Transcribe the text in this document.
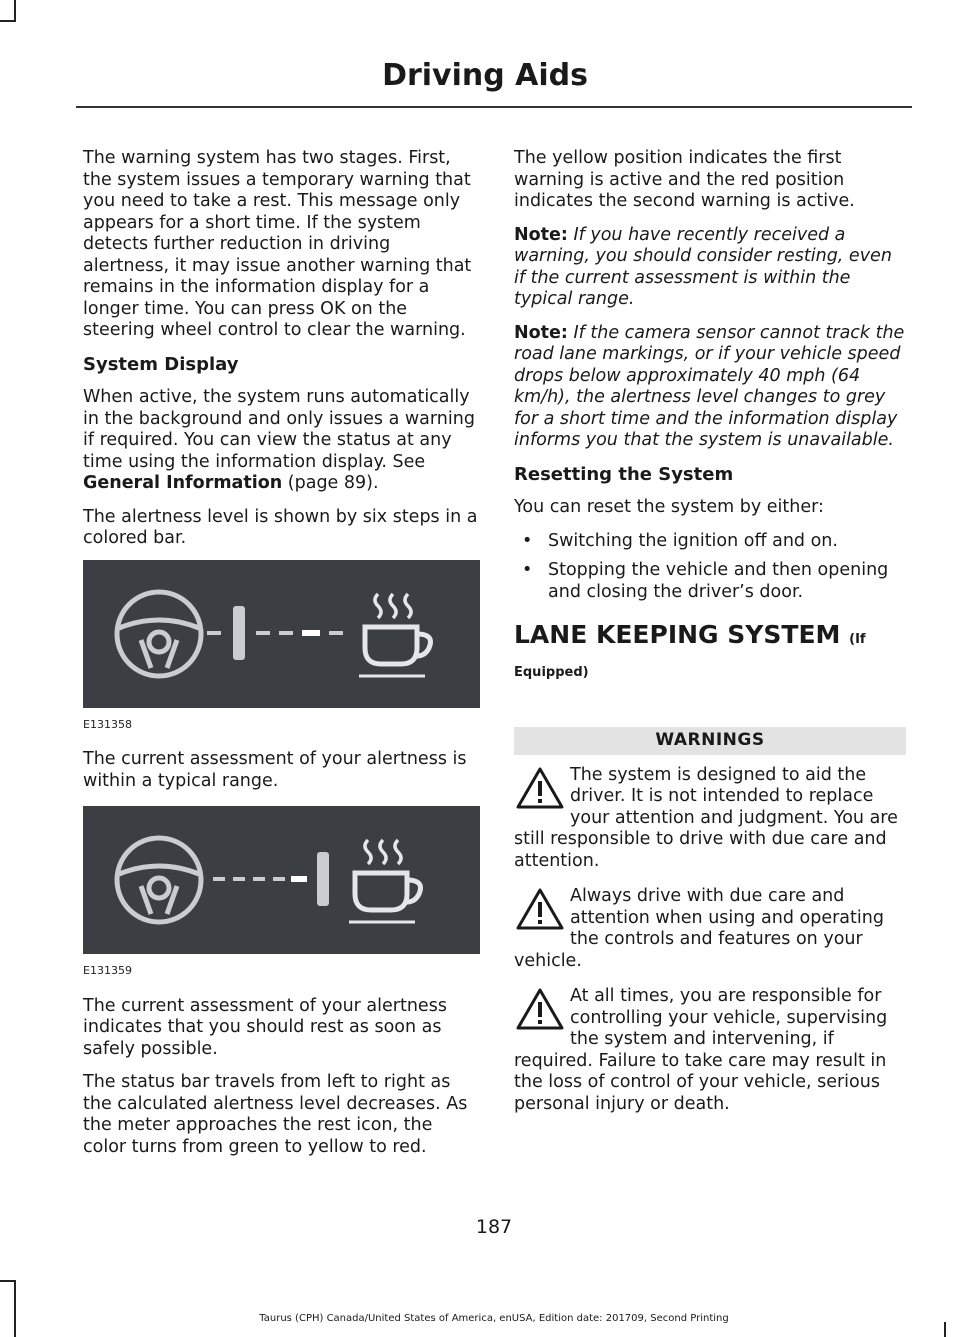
Driving Aids

The warning system has two stages. First, the system issues a temporary warning that you need to take a rest. This message only appears for a short time. If the system detects further reduction in driving alertness, it may issue another warning that remains in the information display for a longer time. You can press OK on the steering wheel control to clear the warning.

System Display

When active, the system runs automatically in the background and only issues a warning if required. You can view the status at any time using the information display. See General Information (page 89).

The alertness level is shown by six steps in a colored bar.

E131358

The current assessment of your alertness is within a typical range.

E131359

The current assessment of your alertness indicates that you should rest as soon as safely possible.

The status bar travels from left to right as the calculated alertness level decreases. As the meter approaches the rest icon, the color turns from green to yellow to red.

The yellow position indicates the first warning is active and the red position indicates the second warning is active.

Note: If you have recently received a warning, you should consider resting, even if the current assessment is within the typical range.

Note: If the camera sensor cannot track the road lane markings, or if your vehicle speed drops below approximately 40 mph (64 km/h), the alertness level changes to grey for a short time and the information display informs you that the system is unavailable.

Resetting the System

You can reset the system by either:

• Switching the ignition off and on.
• Stopping the vehicle and then opening and closing the driver’s door.
LANE KEEPING SYSTEM (If Equipped)
WARNINGS
The system is designed to aid the driver. It is not intended to replace your attention and judgment. You are still responsible to drive with due care and attention.
Always drive with due care and attention when using and operating the controls and features on your vehicle.
At all times, you are responsible for controlling your vehicle, supervising the system and intervening, if required. Failure to take care may result in the loss of control of your vehicle, serious personal injury or death.
187
Taurus (CPH) Canada/United States of America, enUSA, Edition date: 201709, Second Printing
